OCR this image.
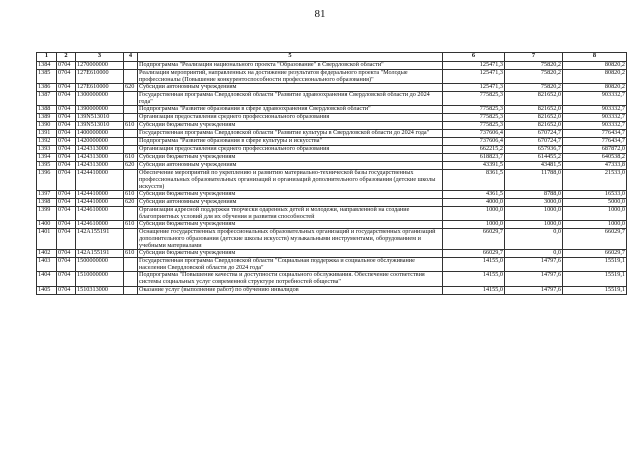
81
1	2	3	4	5	6	7	8
1384	0704	1270000000		Подпрограмма "Реализация национального проекта "Образование" в Свердловской области"	125471,3	75820,2	80820,2
1385	0704	127E610000		Реализация мероприятий, направленных на достижение результатов федерального проекта "Молодые профессионалы (Повышение конкурентоспособности профессионального образования)"	125471,3	75820,2	80820,2
1386	0704	127E610000	620	Субсидии автономным учреждениям	125471,3	75820,2	80820,2
1387	0704	1300000000		Государственная программа Свердловской области "Развитие здравоохранения Свердловской области до 2024 года"	775825,3	821652,0	903332,7
1388	0704	1390000000		Подпрограмма "Развитие образования в сфере здравоохранения Свердловской области"	775825,3	821652,0	903332,7
1389	0704	139N513010		Организация предоставления среднего профессионального образования	775825,3	821652,0	903332,7
1390	0704	139N513010	610	Субсидии бюджетным учреждениям	775825,3	821652,0	903332,7
1391	0704	1400000000		Государственная программа Свердловской области "Развитие культуры в Свердловской области до 2024 года"	737606,4	670724,7	776434,7
1392	0704	1420000000		Подпрограмма "Развитие образования в сфере культуры и искусства"	737606,4	670724,7	776434,7
1393	0704	1424313000		Организация предоставления среднего профессионального образования	662215,2	657936,7	687872,0
1394	0704	1424313000	610	Субсидии бюджетным учреждениям	618823,7	614455,2	640538,2
1395	0704	1424313000	620	Субсидии автономным учреждениям	43391,5	43481,5	47333,8
1396	0704	1424410000		Обеспечение мероприятий по укреплению и развитию материально-технической базы государственных профессиональных образовательных организаций и организаций дополнительного образования (детские школы искусств)	8361,5	11788,0	21533,0
1397	0704	1424410000	610	Субсидии бюджетным учреждениям	4361,5	8788,0	16533,0
1398	0704	1424410000	620	Субсидии автономным учреждениям	4000,0	3000,0	5000,0
1399	0704	1424610000		Организация адресной поддержки творчески одаренных детей и молодежи, направленной на создание благоприятных условий для их обучения и развития способностей	1000,0	1000,0	1000,0
1400	0704	1424610000	610	Субсидии бюджетным учреждениям	1000,0	1000,0	1000,0
1401	0704	142A155191		Оснащение государственных профессиональных образовательных организаций и государственных организаций дополнительного образования (детские школы искусств) музыкальными инструментами, оборудованием и учебными материалами	66029,7	0,0	66029,7
1402	0704	142A155191	610	Субсидии бюджетным учреждениям	66029,7	0,0	66029,7
1403	0704	1500000000		Государственная программа Свердловской области "Социальная поддержка и социальное обслуживание населения Свердловской области до 2024 года"	14155,0	14797,6	15519,1
1404	0704	1510000000		Подпрограмма "Повышение качества и доступности социального обслуживания. Обеспечение соответствия системы социальных услуг современной структуре потребностей общества"	14155,0	14797,6	15519,1
1405	0704	1510313000		Оказание услуг (выполнение работ) по обучению инвалидов	14155,0	14797,6	15519,1
